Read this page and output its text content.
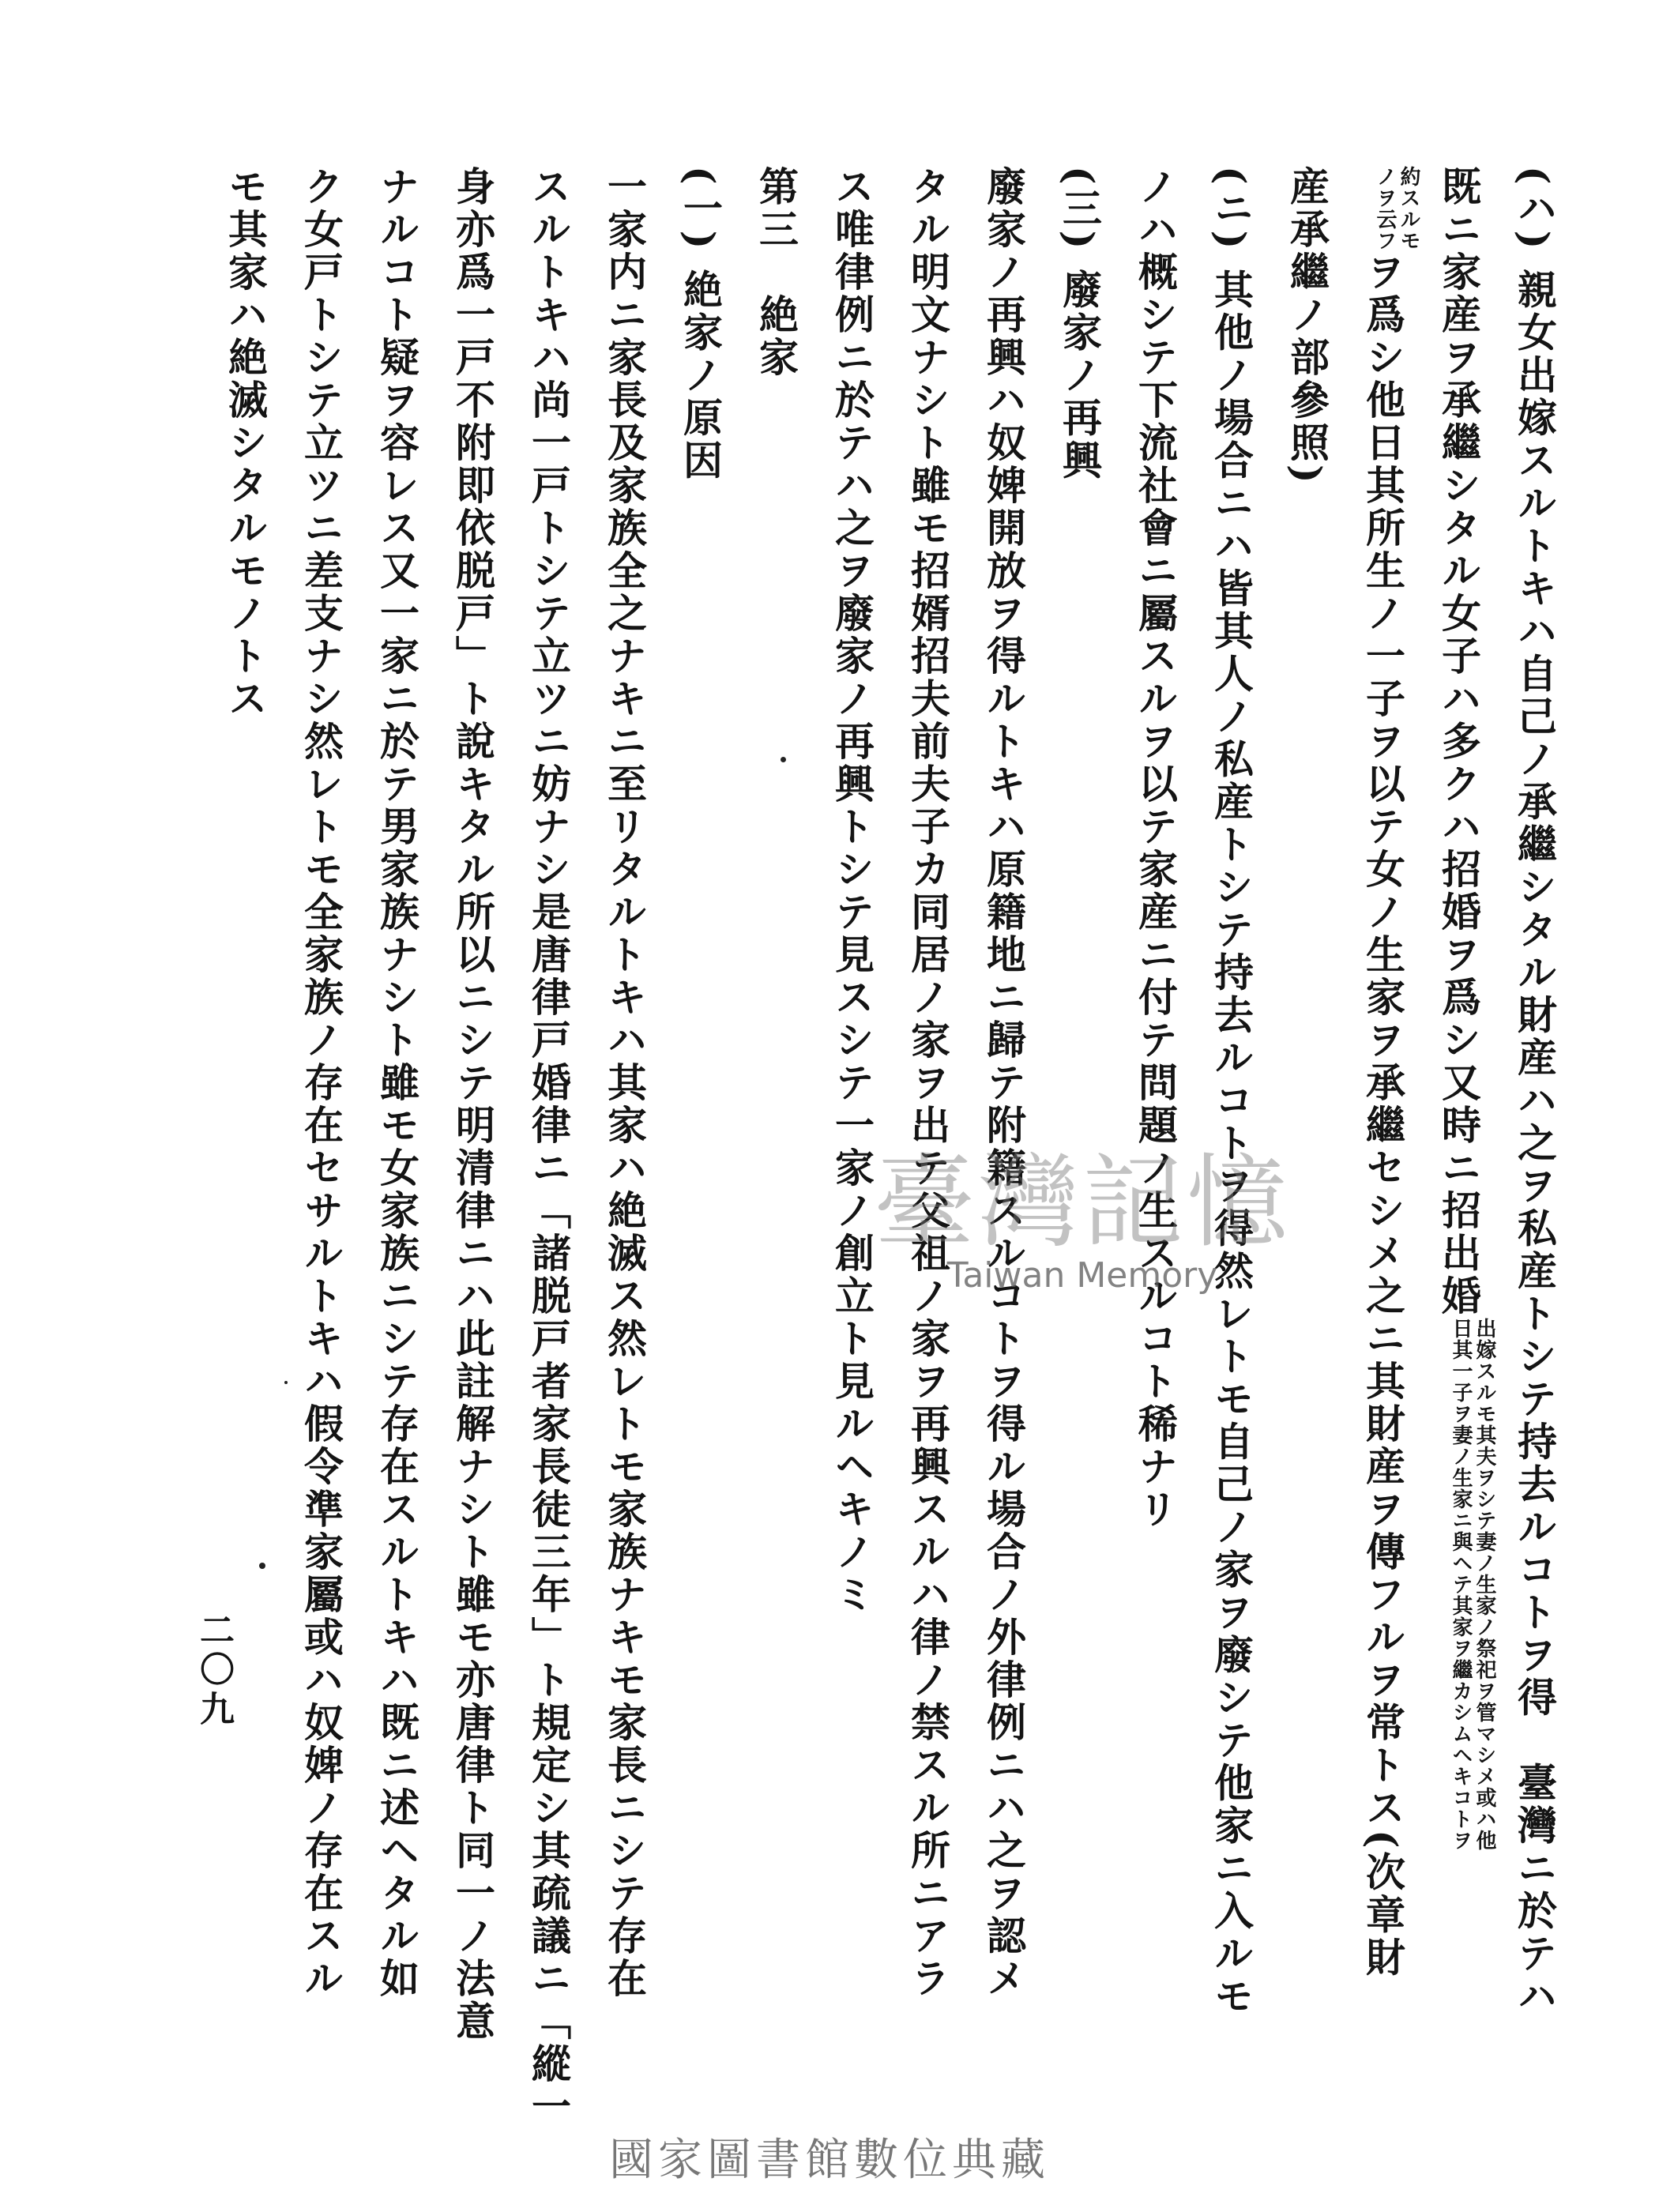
(ハ) 親女出嫁スルトキハ自己ノ承繼シタル財産ハ之ヲ私産トシテ持去ルコトヲ得　臺灣ニ於テハ
既ニ家産ヲ承繼シタル女子ハ多クハ招婚ヲ爲シ又時ニ招出婚
出嫁スルモ其夫ヲシテ妻ノ生家ノ祭祀ヲ管マシメ或ハ他
日其一子ヲ妻ノ生家ニ與ヘテ其家ヲ繼カシムヘキコトヲ
約スルモ
ノヲ云フ
ヲ爲シ他日其所生ノ一子ヲ以テ女ノ生家ヲ承繼セシメ之ニ其財産ヲ傳フルヲ常トス(次章財
産承繼ノ部參照)
(ニ) 其他ノ場合ニハ皆其人ノ私産トシテ持去ルコトヲ得然レトモ自己ノ家ヲ廢シテ他家ニ入ルモ
ノハ概シテ下流社會ニ屬スルヲ以テ家産ニ付テ問題ノ生スルコト稀ナリ
(三) 廢家ノ再興
廢家ノ再興ハ奴婢開放ヲ得ルトキハ原籍地ニ歸テ附籍スルコトヲ得ル場合ノ外律例ニハ之ヲ認メ
タル明文ナシト雖モ招婿招夫前夫子カ同居ノ家ヲ出テ父祖ノ家ヲ再興スルハ律ノ禁スル所ニアラ
ス唯律例ニ於テハ之ヲ廢家ノ再興トシテ見スシテ一家ノ創立ト見ルヘキノミ
第三　絶家
(一) 絶家ノ原因
一家内ニ家長及家族全之ナキニ至リタルトキハ其家ハ絶滅ス然レトモ家族ナキモ家長ニシテ存在
スルトキハ尚一戸トシテ立ツニ妨ナシ是唐律戸婚律ニ「諸脱戸者家長徒三年」ト規定シ其疏議ニ「縱一
身亦爲一戸不附即依脱戸」ト說キタル所以ニシテ明清律ニハ此註解ナシト雖モ亦唐律ト同一ノ法意
ナルコト疑ヲ容レス又一家ニ於テ男家族ナシト雖モ女家族ニシテ存在スルトキハ既ニ述ヘタル如
ク女戸トシテ立ツニ差支ナシ然レトモ全家族ノ存在セサルトキハ假令準家屬或ハ奴婢ノ存在スル
モ其家ハ絶滅シタルモノトス
二〇九
臺灣記憶
Taiwan Memory
國家圖書館數位典藏
